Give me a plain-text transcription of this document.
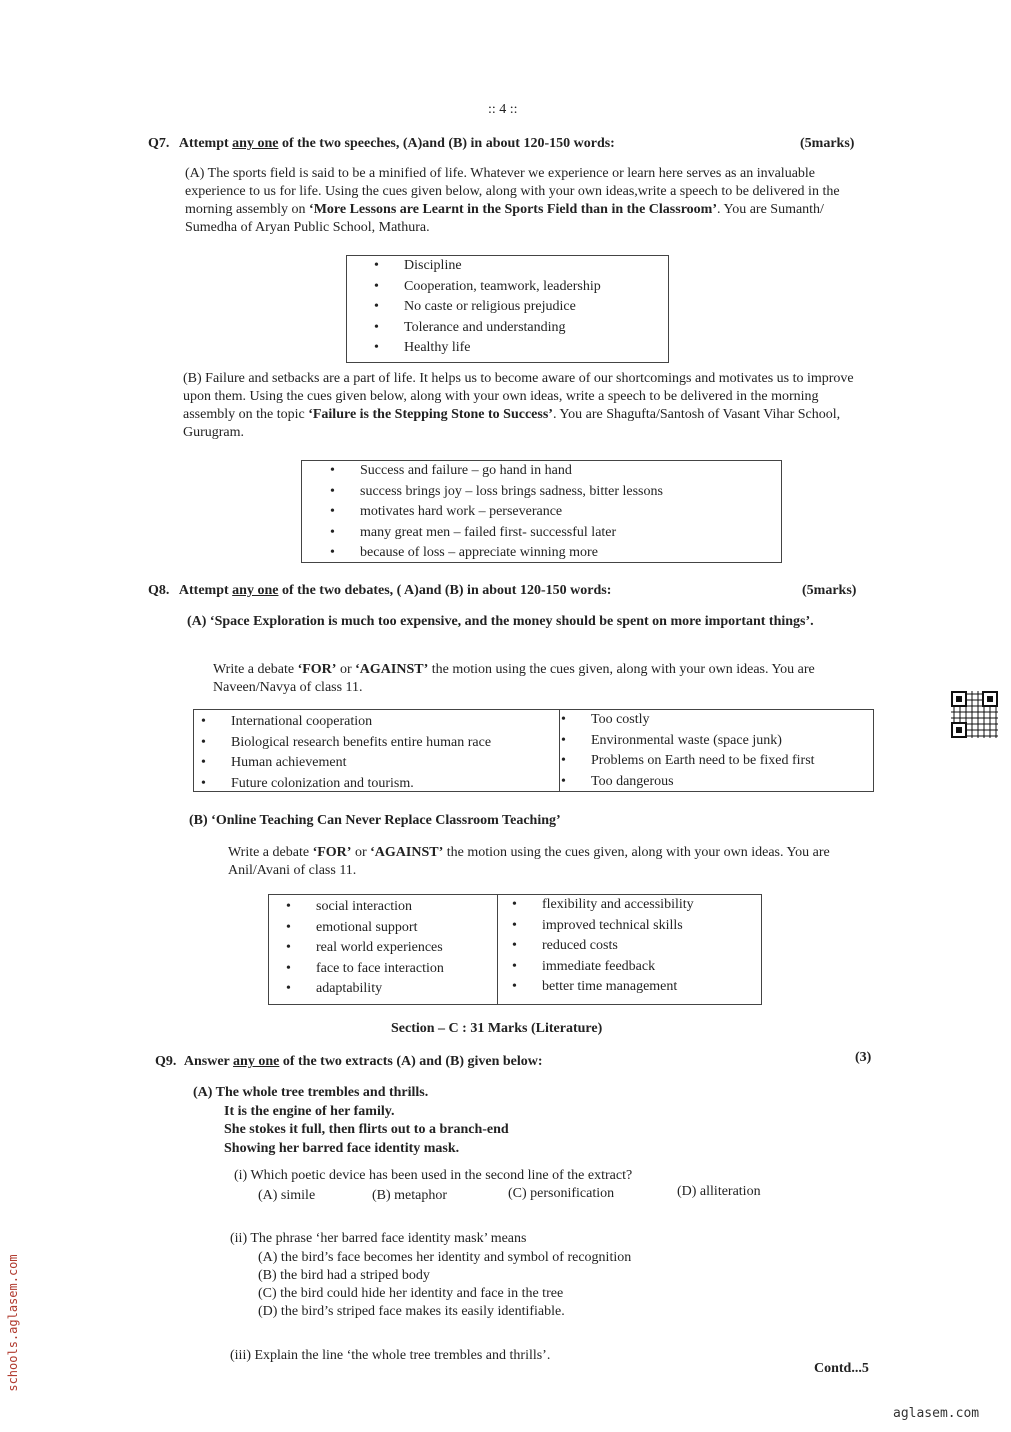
:: 4 ::
Q7. Attempt any one of the two speeches, (A)and (B) in about 120-150 words:	(5marks)
(A) The sports field is said to be a minified of life. Whatever we experience or learn here serves as an invaluable experience to us for life. Using the cues given below, along with your own ideas,write a speech to be delivered in the morning assembly on ‘More Lessons are Learnt in the Sports Field than in the Classroom’. You are Sumanth/ Sumedha of Aryan Public School, Mathura.
• Discipline
• Cooperation, teamwork, leadership
• No caste or religious prejudice
• Tolerance and understanding
• Healthy life
(B) Failure and setbacks are a part of life. It helps us to become aware of our shortcomings and motivates us to improve upon them. Using the cues given below, along with your own ideas, write a speech to be delivered in the morning assembly on the topic ‘Failure is the Stepping Stone to Success’. You are Shagufta/Santosh of Vasant Vihar School, Gurugram.
• Success and failure – go hand in hand
• success brings joy – loss brings sadness, bitter lessons
• motivates hard work – perseverance
• many great men – failed first- successful later
• because of loss – appreciate winning more
Q8. Attempt any one of the two debates, ( A)and (B) in about 120-150 words:	(5marks)
(A) ‘Space Exploration is much too expensive, and the money should be spent on more important things’.
Write a debate ‘FOR’ or ‘AGAINST’ the motion using the cues given, along with your own ideas. You are Naveen/Navya of class 11.
• International cooperation
• Biological research benefits entire human race
• Human achievement
• Future colonization and tourism.
• Too costly
• Environmental waste (space junk)
• Problems on Earth need to be fixed first
• Too dangerous
(B) ‘Online Teaching Can Never Replace Classroom Teaching’
Write a debate ‘FOR’ or ‘AGAINST’ the motion using the cues given, along with your own ideas. You are Anil/Avani of class 11.
• social interaction
• emotional support
• real world experiences
• face to face interaction
• adaptability
• flexibility and accessibility
• improved technical skills
• reduced costs
• immediate feedback
• better time management
Section – C : 31 Marks (Literature)
Q9. Answer any one of the two extracts (A) and (B) given below:	(3)
(A) The whole tree trembles and thrills.
It is the engine of her family.
She stokes it full, then flirts out to a branch-end
Showing her barred face identity mask.
(i) Which poetic device has been used in the second line of the extract?
(A) simile	(B) metaphor	(C) personification	(D) alliteration
(ii) The phrase ‘her barred face identity mask’ means
(A) the bird’s face becomes her identity and symbol of recognition
(B) the bird had a striped body
(C) the bird could hide her identity and face in the tree
(D) the bird’s striped face makes its easily identifiable.
(iii) Explain the line ‘the whole tree trembles and thrills’.
Contd...5
schools.aglasem.com
aglasem.com
